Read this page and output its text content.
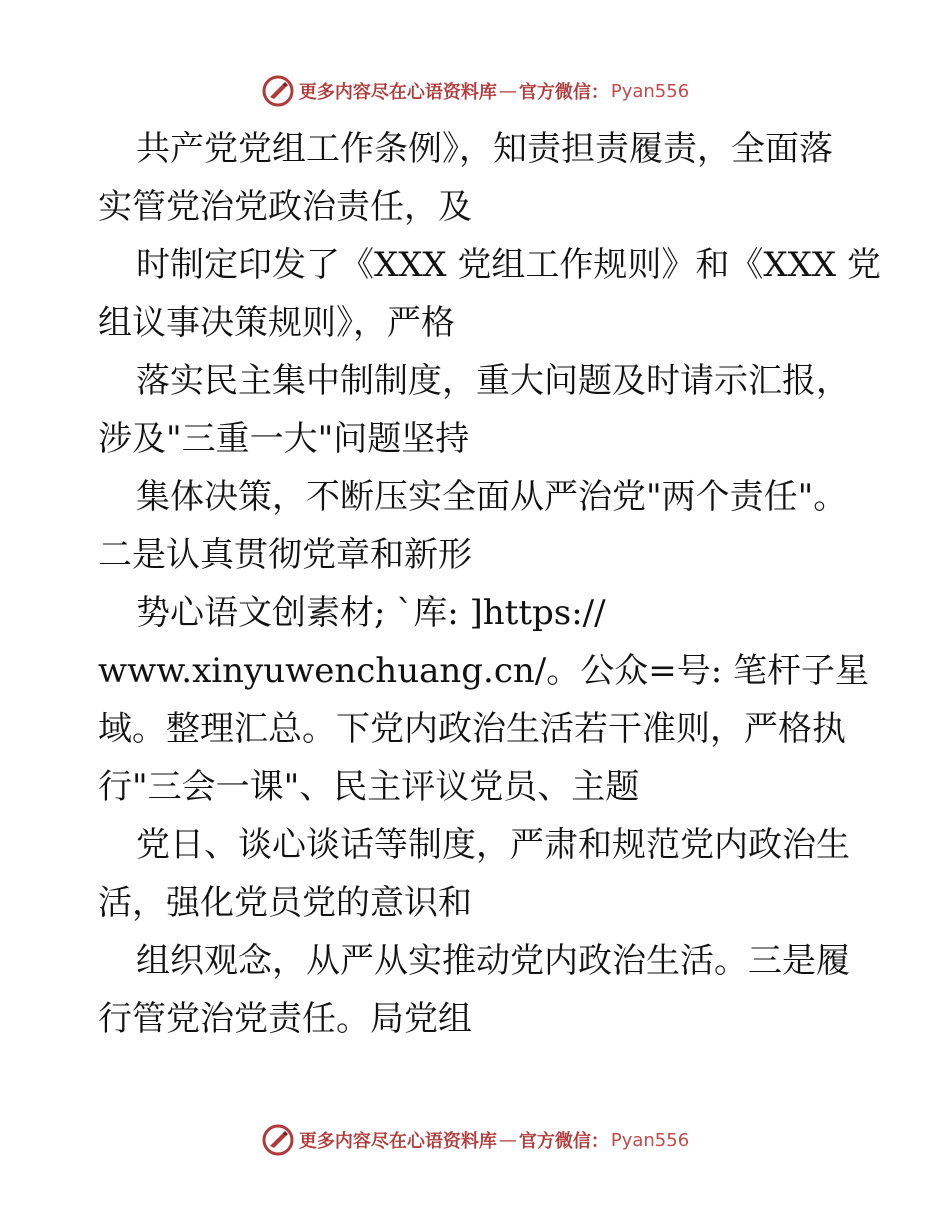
更多内容尽在心语资料库 — 官方微信： Pyan556
共产党党组工作条例》，知责担责履责，全面落
实管党治党政治责任，及
时制定印发了《XXX 党组工作规则》和《XXX 党
组议事决策规则》，严格
落实民主集中制制度，重大问题及时请示汇报，
涉及"三重一大"问题坚持
集体决策，不断压实全面从严治党"两个责任"。
二是认真贯彻党章和新形
势心语文创素材; `库: ]https://
www.xinyuwenchuang.cn/。公众=号: 笔杆子星
域。整理汇总。下党内政治生活若干准则，严格执
行"三会一课"、民主评议党员、主题
党日、谈心谈话等制度，严肃和规范党内政治生
活，强化党员党的意识和
组织观念，从严从实推动党内政治生活。三是履
行管党治党责任。局党组
更多内容尽在心语资料库 — 官方微信： Pyan556
